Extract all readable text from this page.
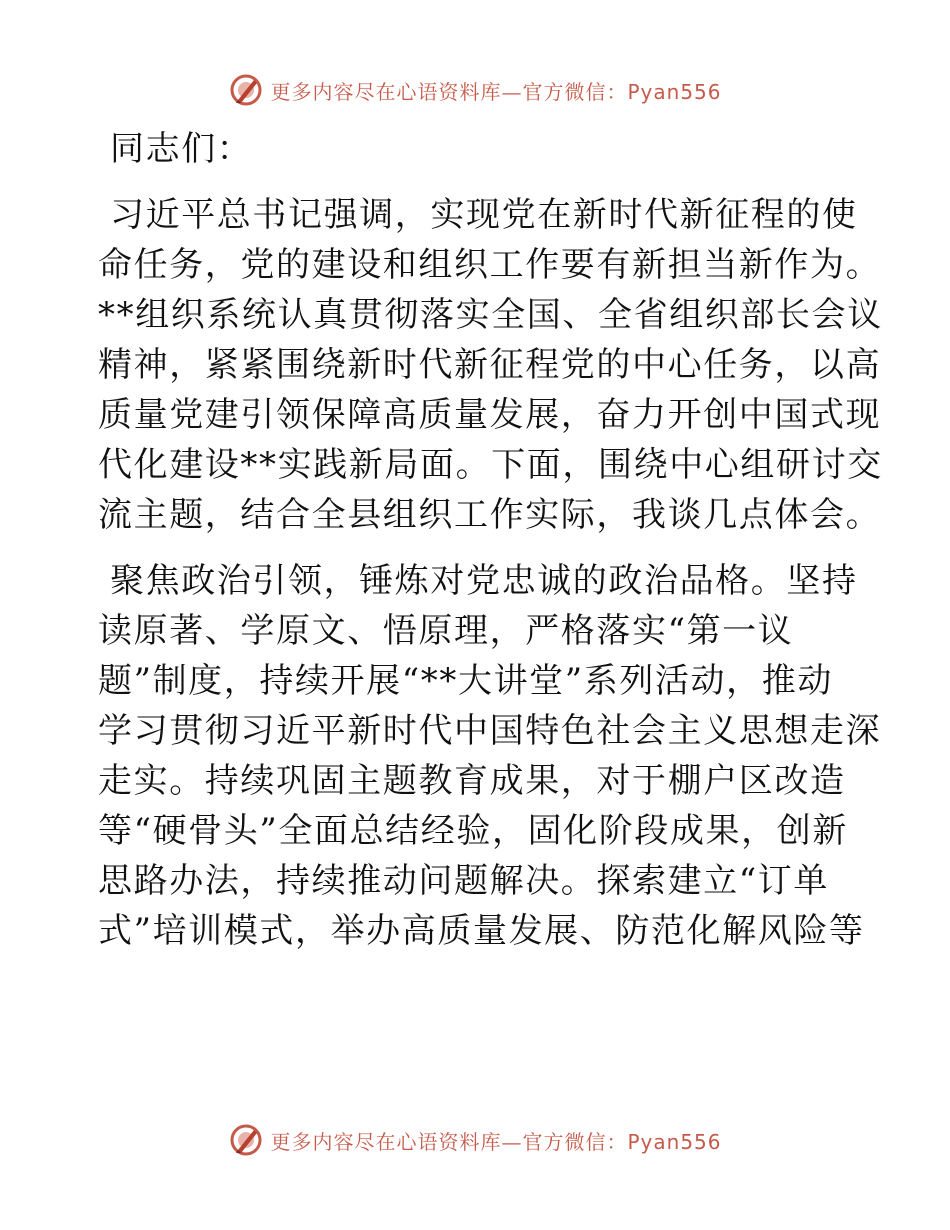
更多内容尽在心语资料库—官方微信：Pyan556
同志们：
习近平总书记强调，实现党在新时代新征程的使
命任务，党的建设和组织工作要有新担当新作为。
**组织系统认真贯彻落实全国、全省组织部长会议
精神，紧紧围绕新时代新征程党的中心任务，以高
质量党建引领保障高质量发展，奋力开创中国式现
代化建设**实践新局面。下面，围绕中心组研讨交
流主题，结合全县组织工作实际，我谈几点体会。
聚焦政治引领，锤炼对党忠诚的政治品格。坚持
读原著、学原文、悟原理，严格落实“第一议
题”制度，持续开展“**大讲堂”系列活动，推动
学习贯彻习近平新时代中国特色社会主义思想走深
走实。持续巩固主题教育成果，对于棚户区改造
等“硬骨头”全面总结经验，固化阶段成果，创新
思路办法，持续推动问题解决。探索建立“订单
式”培训模式，举办高质量发展、防范化解风险等
更多内容尽在心语资料库—官方微信：Pyan556
